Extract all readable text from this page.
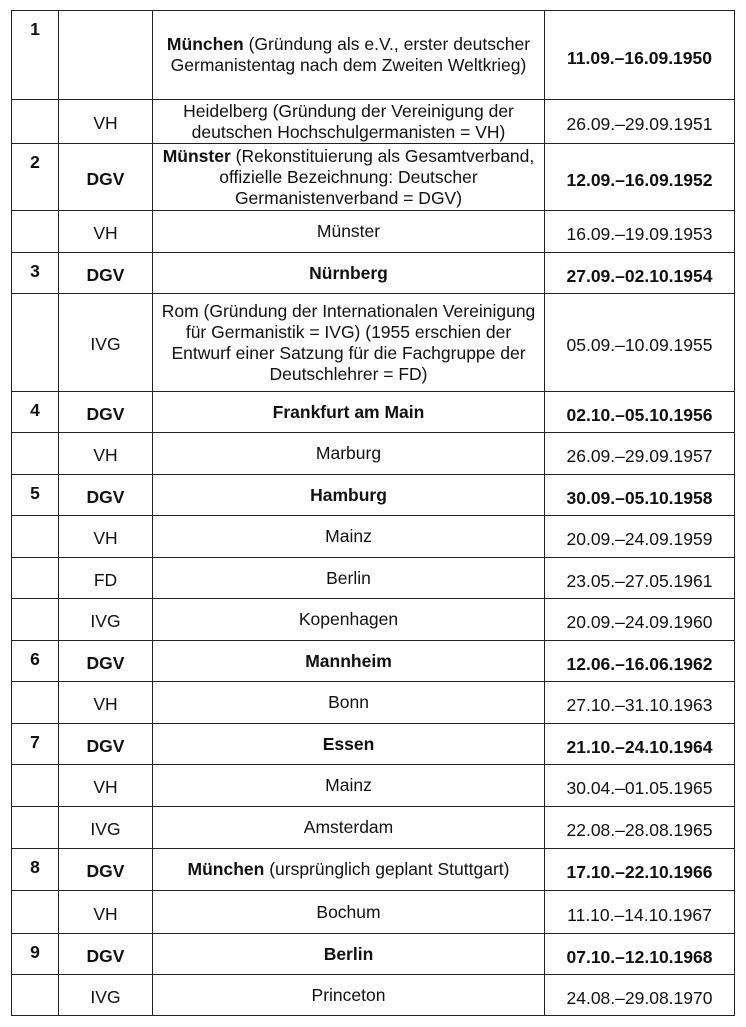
1		München (Gründung als e.V., erster deutscher Germanistentag nach dem Zweiten Weltkrieg)	11.09.–16.09.1950
	VH	Heidelberg (Gründung der Vereinigung der deutschen Hochschulgermanisten = VH)	26.09.–29.09.1951
2	DGV	Münster (Rekonstituierung als Gesamtverband, offizielle Bezeichnung: Deutscher Germanistenverband = DGV)	12.09.–16.09.1952
	VH	Münster	16.09.–19.09.1953
3	DGV	Nürnberg	27.09.–02.10.1954
	IVG	Rom (Gründung der Internationalen Vereinigung für Germanistik = IVG) (1955 erschien der Entwurf einer Satzung für die Fachgruppe der Deutschlehrer = FD)	05.09.–10.09.1955
4	DGV	Frankfurt am Main	02.10.–05.10.1956
	VH	Marburg	26.09.–29.09.1957
5	DGV	Hamburg	30.09.–05.10.1958
	VH	Mainz	20.09.–24.09.1959
	FD	Berlin	23.05.–27.05.1961
	IVG	Kopenhagen	20.09.–24.09.1960
6	DGV	Mannheim	12.06.–16.06.1962
	VH	Bonn	27.10.–31.10.1963
7	DGV	Essen	21.10.–24.10.1964
	VH	Mainz	30.04.–01.05.1965
	IVG	Amsterdam	22.08.–28.08.1965
8	DGV	München (ursprünglich geplant Stuttgart)	17.10.–22.10.1966
	VH	Bochum	11.10.–14.10.1967
9	DGV	Berlin	07.10.–12.10.1968
	IVG	Princeton	24.08.–29.08.1970
